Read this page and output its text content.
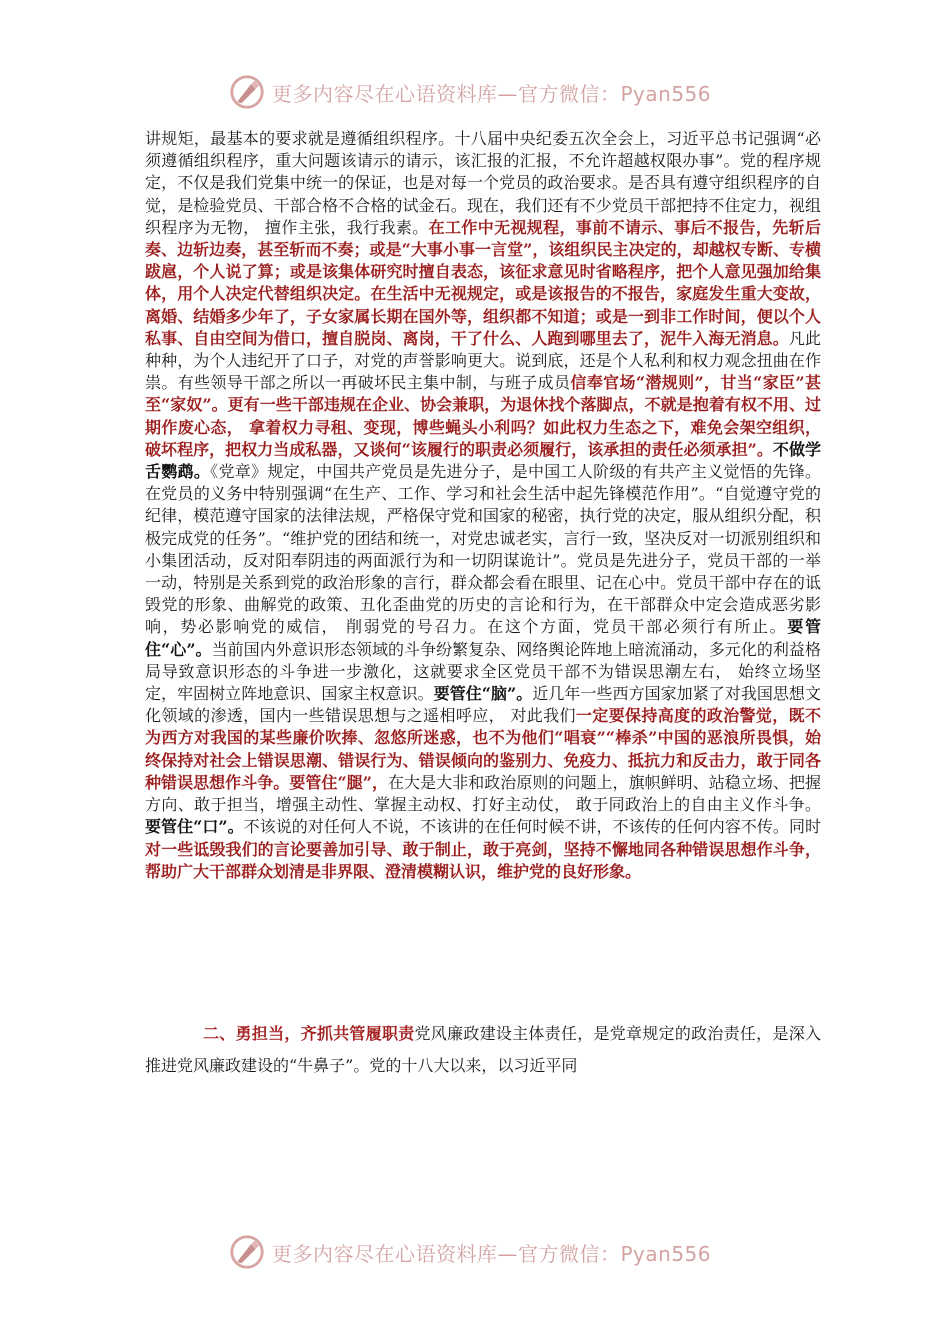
更多内容尽在心语资料库—官方微信：Pyan556
讲规矩，最基本的要求就是遵循组织程序。十八届中央纪委五次全会上，习近平总书记强调“必须遵循组织程序，重大问题该请示的请示，该汇报的汇报，不允许超越权限办事”。党的程序规定，不仅是我们党集中统一的保证，也是对每一个党员的政治要求。是否具有遵守组织程序的自觉，是检验党员、干部合格不合格的试金石。现在，我们还有不少党员干部把持不住定力，视组织程序为无物， 擅作主张，我行我素。在工作中无视规程，事前不请示、事后不报告，先斩后奏、边斩边奏，甚至斩而不奏；或是“大事小事一言堂”，该组织民主决定的，却越权专断、专横跋扈，个人说了算；或是该集体研究时擅自表态，该征求意见时省略程序，把个人意见强加给集体，用个人决定代替组织决定。在生活中无视规定，或是该报告的不报告，家庭发生重大变故，离婚、结婚多少年了，子女家属长期在国外等，组织都不知道；或是一到非工作时间，便以个人私事、自由空间为借口，擅自脱岗、离岗，干了什么、人跑到哪里去了，泥牛入海无消息。凡此种种，为个人违纪开了口子，对党的声誉影响更大。说到底，还是个人私利和权力观念扭曲在作祟。有些领导干部之所以一再破坏民主集中制，与班子成员信奉官场“潜规则”，甘当“家臣”甚至“家奴”。更有一些干部违规在企业、协会兼职，为退休找个落脚点，不就是抱着有权不用、过期作废心态， 拿着权力寻租、变现，博些蝇头小利吗？如此权力生态之下，难免会架空组织， 破坏程序，把权力当成私器，又谈何“该履行的职责必须履行，该承担的责任必须承担”。不做学舌鹦鹉。《党章》规定，中国共产党员是先进分子，是中国工人阶级的有共产主义觉悟的先锋。在党员的义务中特别强调“在生产、工作、学习和社会生活中起先锋模范作用”。“自觉遵守党的纪律，模范遵守国家的法律法规，严格保守党和国家的秘密，执行党的决定，服从组织分配，积极完成党的任务”。“维护党的团结和统一，对党忠诚老实，言行一致，坚决反对一切派别组织和小集团活动，反对阳奉阴违的两面派行为和一切阴谋诡计”。党员是先进分子，党员干部的一举一动，特别是关系到党的政治形象的言行，群众都会看在眼里、记在心中。党员干部中存在的诋毁党的形象、曲解党的政策、丑化歪曲党的历史的言论和行为，在干部群众中定会造成恶劣影响，势必影响党的威信， 削弱党的号召力。在这个方面，党员干部必须行有所止。要管住“心”。当前国内外意识形态领域的斗争纷繁复杂、网络舆论阵地上暗流涌动，多元化的利益格局导致意识形态的斗争进一步激化，这就要求全区党员干部不为错误思潮左右， 始终立场坚定，牢固树立阵地意识、国家主权意识。要管住“脑”。近几年一些西方国家加紧了对我国思想文化领域的渗透，国内一些错误思想与之遥相呼应， 对此我们一定要保持高度的政治警觉，既不为西方对我国的某些廉价吹捧、忽悠所迷惑，也不为他们“唱衰”“棒杀”中国的恶浪所畏惧，始终保持对社会上错误思潮、错误行为、错误倾向的鉴别力、免疫力、抵抗力和反击力，敢于同各种错误思想作斗争。要管住“腿”，在大是大非和政治原则的问题上，旗帜鲜明、站稳立场、把握方向、敢于担当，增强主动性、掌握主动权、打好主动仗， 敢于同政治上的自由主义作斗争。要管住“口”。不该说的对任何人不说，不该讲的在任何时候不讲，不该传的任何内容不传。同时对一些诋毁我们的言论要善加引导、敢于制止，敢于亮剑，坚持不懈地同各种错误思想作斗争，帮助广大干部群众划清是非界限、澄清模糊认识，维护党的良好形象。
二、勇担当，齐抓共管履职责党风廉政建设主体责任，是党章规定的政治责任，是深入推进党风廉政建设的“牛鼻子”。党的十八大以来，以习近平同
更多内容尽在心语资料库—官方微信：Pyan556
